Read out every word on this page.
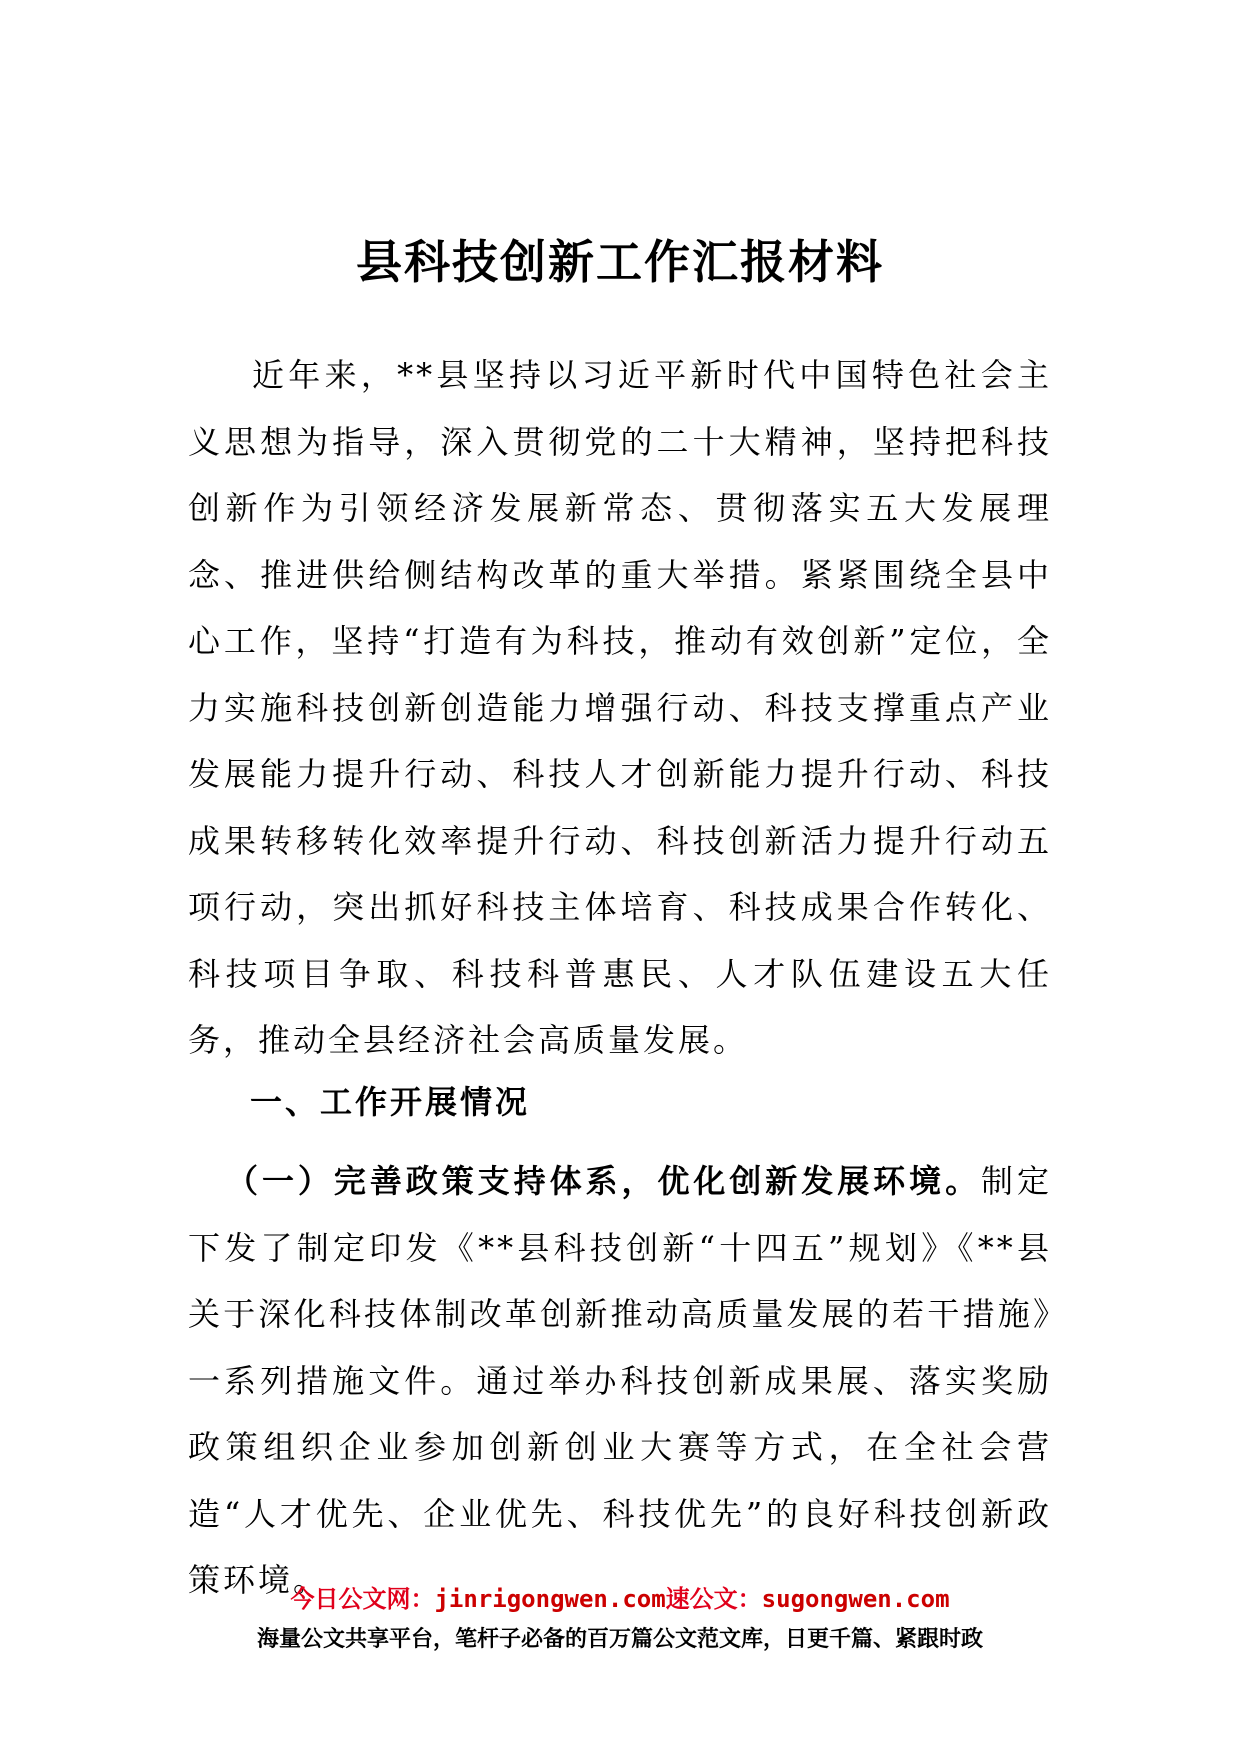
县科技创新工作汇报材料
近年来，**县坚持以习近平新时代中国特色社会主义思想为指导，深入贯彻党的二十大精神，坚持把科技创新作为引领经济发展新常态、贯彻落实五大发展理念、推进供给侧结构改革的重大举措。紧紧围绕全县中心工作，坚持“打造有为科技，推动有效创新”定位，全力实施科技创新创造能力增强行动、科技支撑重点产业 发展能力提升行动、科技人才创新能力提升行动、科技成果转移转化效率提升行动、科技创新活力提升行动五项行动，突出抓好科技主体培育、科技成果合作转化、科技项目争取、科技科普惠民、人才队伍建设五大任务，推动全县经济社会高质量发展。
一、工作开展情况
（一）完善政策支持体系，优化创新发展环境。制定下发了制定印发《**县科技创新“十四五”规划》《**县关于深化科技体制改革创新推动高质量发展的若干措施》一系列措施文件。通过举办科技创新成果展、落实奖励政策组织企业参加创新创业大赛等方式，在全社会营造“人才优先、企业优先、科技优先”的良好科技创新政策环境。
今日公文网：jinrigongwen.com速公文：sugongwen.com
海量公文共享平台，笔杆子必备的百万篇公文范文库，日更千篇、紧跟时政
